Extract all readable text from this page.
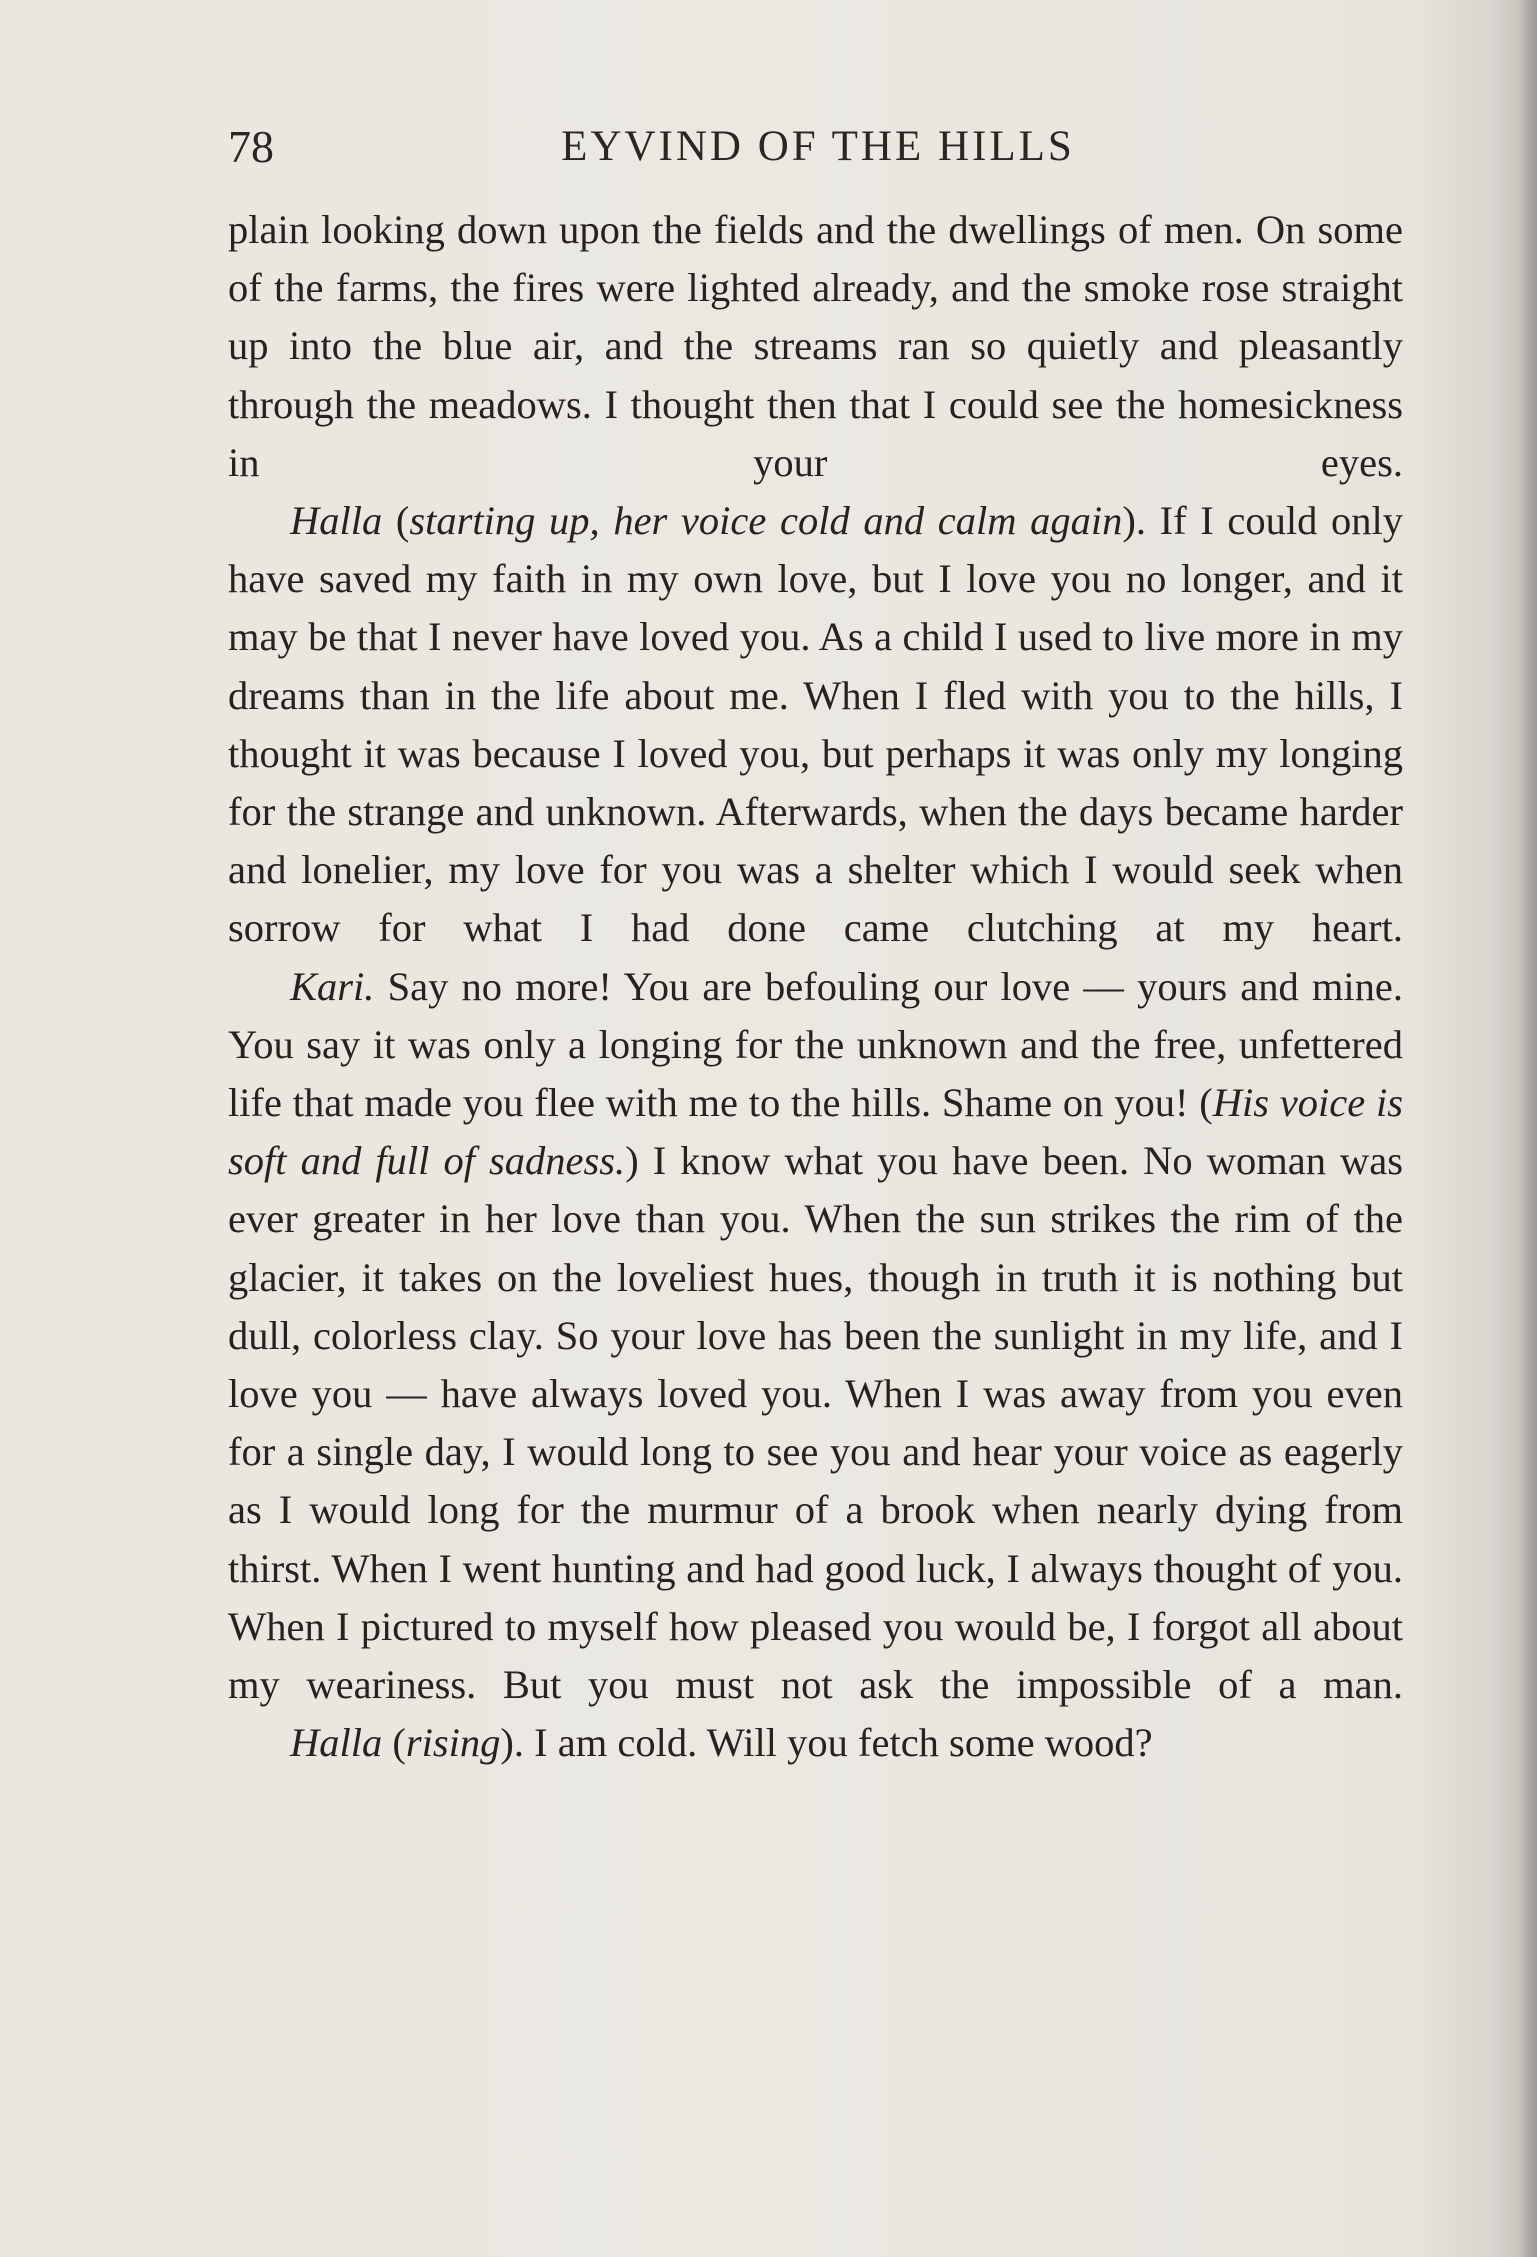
78	EYVIND OF THE HILLS

plain looking down upon the fields and the dwellings of men. On some of the farms, the fires were lighted already, and the smoke rose straight up into the blue air, and the streams ran so quietly and pleasantly through the meadows. I thought then that I could see the homesickness in your eyes.

Halla (starting up, her voice cold and calm again). If I could only have saved my faith in my own love, but I love you no longer, and it may be that I never have loved you. As a child I used to live more in my dreams than in the life about me. When I fled with you to the hills, I thought it was because I loved you, but perhaps it was only my longing for the strange and unknown. Afterwards, when the days became harder and lonelier, my love for you was a shelter which I would seek when sorrow for what I had done came clutching at my heart.

Kari. Say no more! You are befouling our love — yours and mine. You say it was only a longing for the unknown and the free, unfettered life that made you flee with me to the hills. Shame on you! (His voice is soft and full of sadness.) I know what you have been. No woman was ever greater in her love than you. When the sun strikes the rim of the glacier, it takes on the loveliest hues, though in truth it is nothing but dull, colorless clay. So your love has been the sunlight in my life, and I love you — have always loved you. When I was away from you even for a single day, I would long to see you and hear your voice as eagerly as I would long for the murmur of a brook when nearly dying from thirst. When I went hunting and had good luck, I always thought of you. When I pictured to myself how pleased you would be, I forgot all about my weariness. But you must not ask the impossible of a man.

Halla (rising). I am cold. Will you fetch some wood?
